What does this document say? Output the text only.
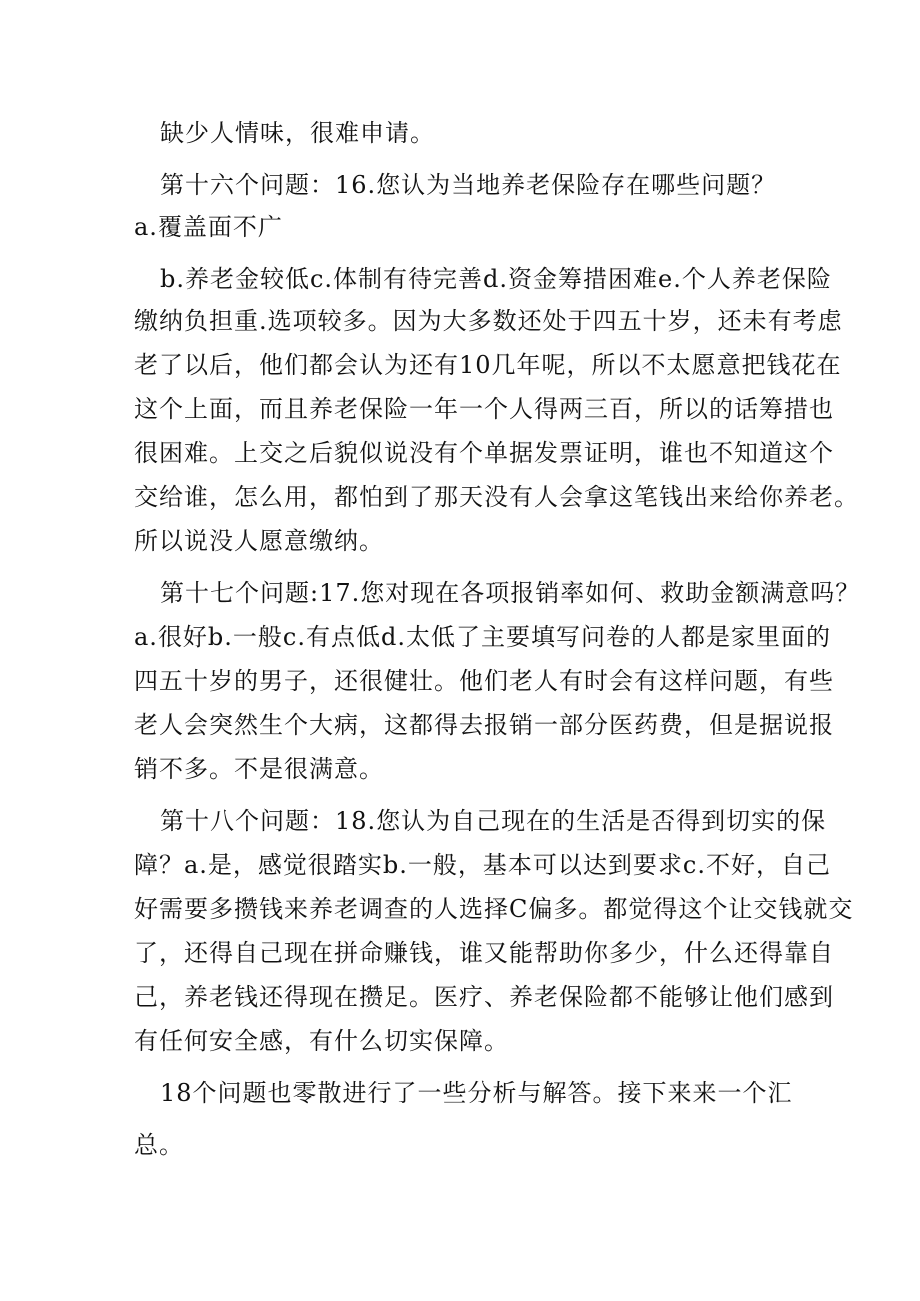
缺少人情味，很难申请。
第十六个问题：16.您认为当地养老保险存在哪些问题？
a.覆盖面不广
b.养老金较低c.体制有待完善d.资金筹措困难e.个人养老保险
缴纳负担重.选项较多。因为大多数还处于四五十岁，还未有考虑
老了以后，他们都会认为还有10几年呢，所以不太愿意把钱花在
这个上面，而且养老保险一年一个人得两三百，所以的话筹措也
很困难。上交之后貌似说没有个单据发票证明，谁也不知道这个
交给谁，怎么用，都怕到了那天没有人会拿这笔钱出来给你养老。
所以说没人愿意缴纳。
第十七个问题:17.您对现在各项报销率如何、救助金额满意吗？
a.很好b.一般c.有点低d.太低了主要填写问卷的人都是家里面的
四五十岁的男子，还很健壮。他们老人有时会有这样问题，有些
老人会突然生个大病，这都得去报销一部分医药费，但是据说报
销不多。不是很满意。
第十八个问题：18.您认为自己现在的生活是否得到切实的保
障？a.是，感觉很踏实b.一般，基本可以达到要求c.不好，自己
好需要多攒钱来养老调查的人选择C偏多。都觉得这个让交钱就交
了，还得自己现在拼命赚钱，谁又能帮助你多少，什么还得靠自
己，养老钱还得现在攒足。医疗、养老保险都不能够让他们感到
有任何安全感，有什么切实保障。
18个问题也零散进行了一些分析与解答。接下来来一个汇
总。
